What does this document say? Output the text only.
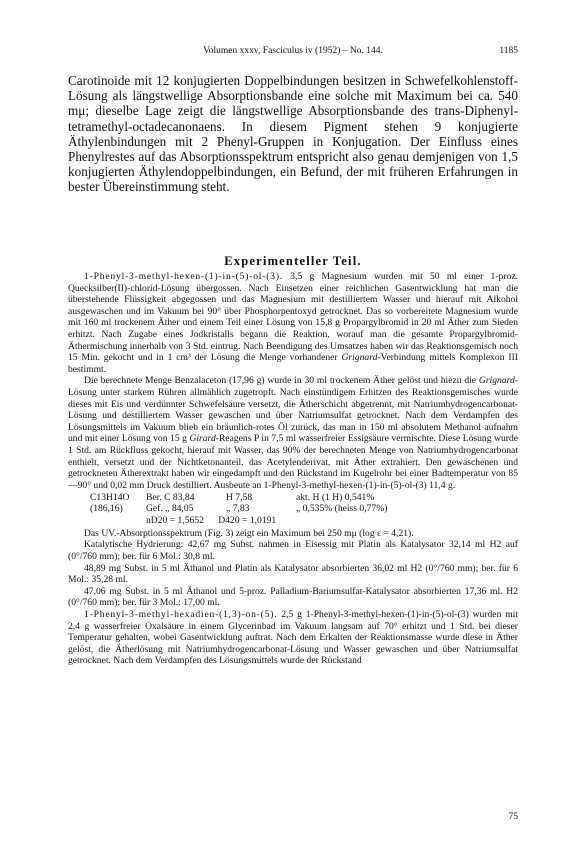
Volumen xxxv, Fasciculus iv (1952) – No. 144.	1185

Carotinoide mit 12 konjugierten Doppelbindungen besitzen in Schwefelkohlenstoff-Lösung als längstwellige Absorptionsbande eine solche mit Maximum bei ca. 540 mμ; dieselbe Lage zeigt die längstwellige Absorptionsbande des trans-Diphenyl-tetramethyl-octadecanonaens. In diesem Pigment stehen 9 konjugierte Äthylenbindungen mit 2 Phenyl-Gruppen in Konjugation. Der Einfluss eines Phenylrestes auf das Absorptionsspektrum entspricht also genau demjenigen von 1,5 konjugierten Äthylendoppelbindungen, ein Befund, der mit früheren Erfahrungen in bester Übereinstimmung steht.

Experimenteller Teil.

1-Phenyl-3-methyl-hexen-(1)-in-(5)-ol-(3). 3,5 g Magnesium wurden mit 50 ml einer 1-proz. Quecksilber(II)-chlorid-Lösung übergossen. Nach Einsetzen einer reichlichen Gasentwicklung hat man die überstehende Flüssigkeit abgegossen und das Magnesium mit destilliertem Wasser und hierauf mit Alkohol ausgewaschen und im Vakuum bei 90° über Phosphorpentoxyd getrocknet. Das so vorbereitete Magnesium wurde mit 160 ml trockenem Äther und einem Teil einer Lösung von 15,8 g Propargylbromid in 20 ml Äther zum Sieden erhitzt. Nach Zugabe eines Jodkristalls begann die Reaktion, worauf man die gesamte Propargylbromid-Äthermischung innerhalb von 3 Std. eintrug. Nach Beendigung des Umsatzes haben wir das Reaktionsgemisch noch 15 Min. gekocht und in 1 cm³ der Lösung die Menge vorhandener Grignard-Verbindung mittels Komplexon III bestimmt.

Die berechnete Menge Benzalaceton (17,96 g) wurde in 30 ml trockenem Äther gelöst und hiezu die Grignard-Lösung unter starkem Rühren allmählich zugetropft. Nach einstündigem Erhitzen des Reaktionsgemisches wurde dieses mit Eis und verdünnter Schwefelsäure versetzt, die Ätherschicht abgetrennt, mit Natriumhydrogencarbonat-Lösung und destilliertem Wasser gewaschen und über Natriumsulfat getrocknet. Nach dem Verdampfen des Lösungsmittels im Vakuum blieb ein bräunlich-rotes Öl zurück, das man in 150 ml absolutem Methanol aufnahm und mit einer Lösung von 15 g Girard-Reagens P in 7,5 ml wasserfreier Essigsäure vermischte. Diese Lösung wurde 1 Std. am Rückfluss gekocht, hierauf mit Wasser, das 90% der berechneten Menge von Natriumhydrogencarbonat enthielt, versetzt und der Nichtketonanteil, das Acetylenderivat, mit Äther extrahiert. Den gewaschenen und getrockneten Ätherextrakt haben wir eingedampft und den Rückstand im Kugelrohr bei einer Badtemperatur von 85—90° und 0,02 mm Druck destilliert. Ausbeute an 1-Phenyl-3-methyl-hexen-(1)-in-(5)-ol-(3) 11,4 g.

C13H14O	Ber. C 83,84	H 7,58	akt. H (1 H) 0,541%
(186,16)	Gef. „ 84,05	„ 7,83	„ 0,535% (heiss 0,77%)
nD20 = 1,5652      D420 = 1,0191

Das UV.-Absorptionsspektrum (Fig. 3) zeigt ein Maximum bei 250 mμ (log ε = 4,21).

Katalytische Hydrierung: 42,67 mg Subst. nahmen in Eisessig mit Platin als Katalysator 32,14 ml H2 auf (0°/760 mm); ber. für 6 Mol.: 30,8 ml.

48,89 mg Subst. in 5 ml Äthanol und Platin als Katalysator absorbierten 36,02 ml H2 (0°/760 mm); ber. für 6 Mol.: 35,28 ml.

47,06 mg Subst. in 5 ml Äthanol und 5-proz. Palladium-Bariumsulfat-Katalysator absorbierten 17,36 ml. H2 (0°/760 mm); ber. für 3 Mol.: 17,00 ml.

1-Phenyl-3-methyl-hexadien-(1,3)-on-(5). 2,5 g 1-Phenyl-3-methyl-hexen-(1)-in-(5)-ol-(3) wurden mit 2,4 g wasserfreier Oxalsäure in einem Glycerinbad im Vakuum langsam auf 70° erhitzt und 1 Std. bei dieser Temperatur gehalten, wobei Gasentwicklung auftrat. Nach dem Erkalten der Reaktionsmasse wurde diese in Äther gelöst, die Ätherlösung mit Natriumhydrogencarbonat-Lösung und Wasser gewaschen und über Natriumsulfat getrocknet. Nach dem Verdampfen des Lösungsmittels wurde der Rückstand

75
